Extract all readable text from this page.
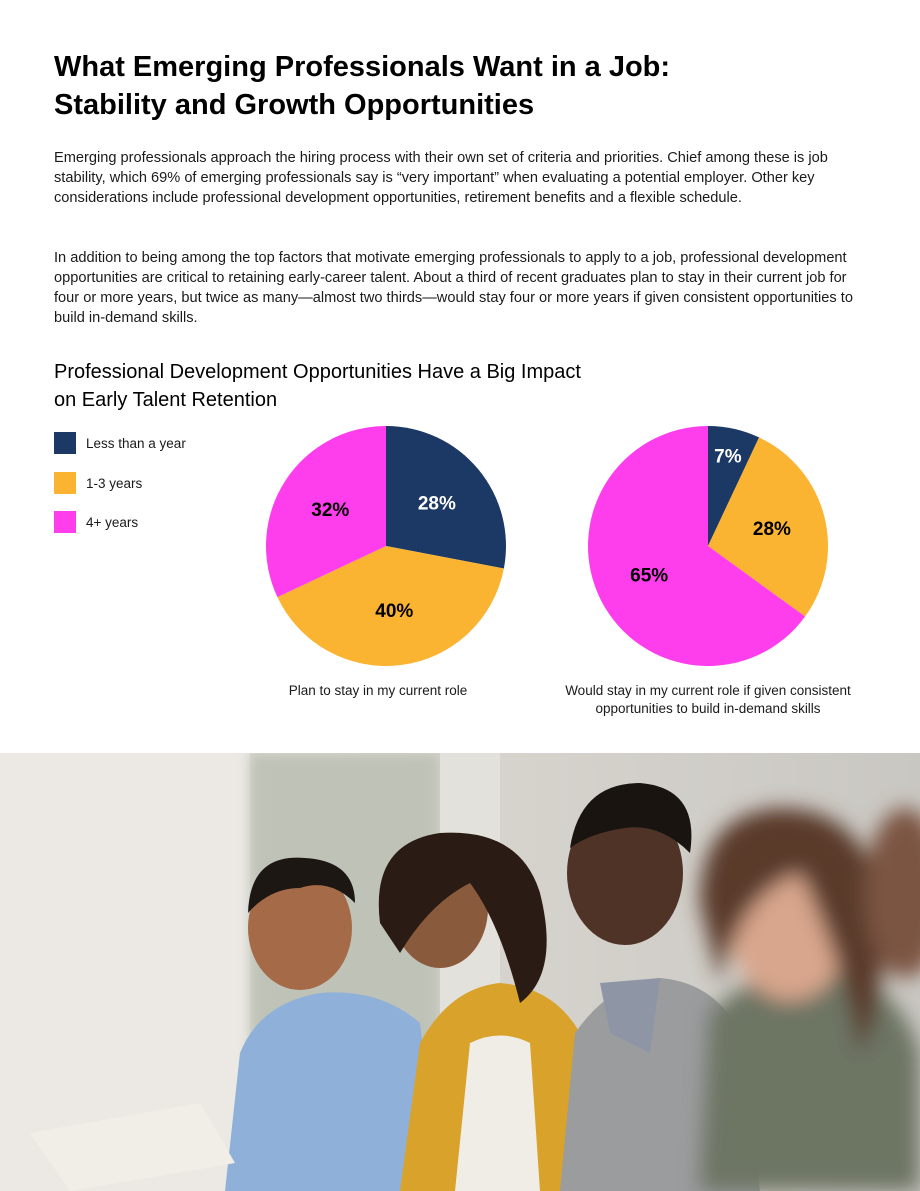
What Emerging Professionals Want in a Job:
Stability and Growth Opportunities

Emerging professionals approach the hiring process with their own set of criteria and priorities. Chief among these is job stability, which 69% of emerging professionals say is “very important” when evaluating a potential employer. Other key considerations include professional development opportunities, retirement benefits and a flexible schedule.

In addition to being among the top factors that motivate emerging professionals to apply to a job, professional development opportunities are critical to retaining early-career talent. About a third of recent graduates plan to stay in their current job for four or more years, but twice as many—almost two thirds—would stay four or more years if given consistent opportunities to build in-demand skills.

Professional Development Opportunities Have a Big Impact
on Early Talent Retention
Less than a year
1-3 years
4+ years
28%
40%
32%
7%
28%
65%

Plan to stay in my current role	Would stay in my current role if given consistent
opportunities to build in-demand skills
